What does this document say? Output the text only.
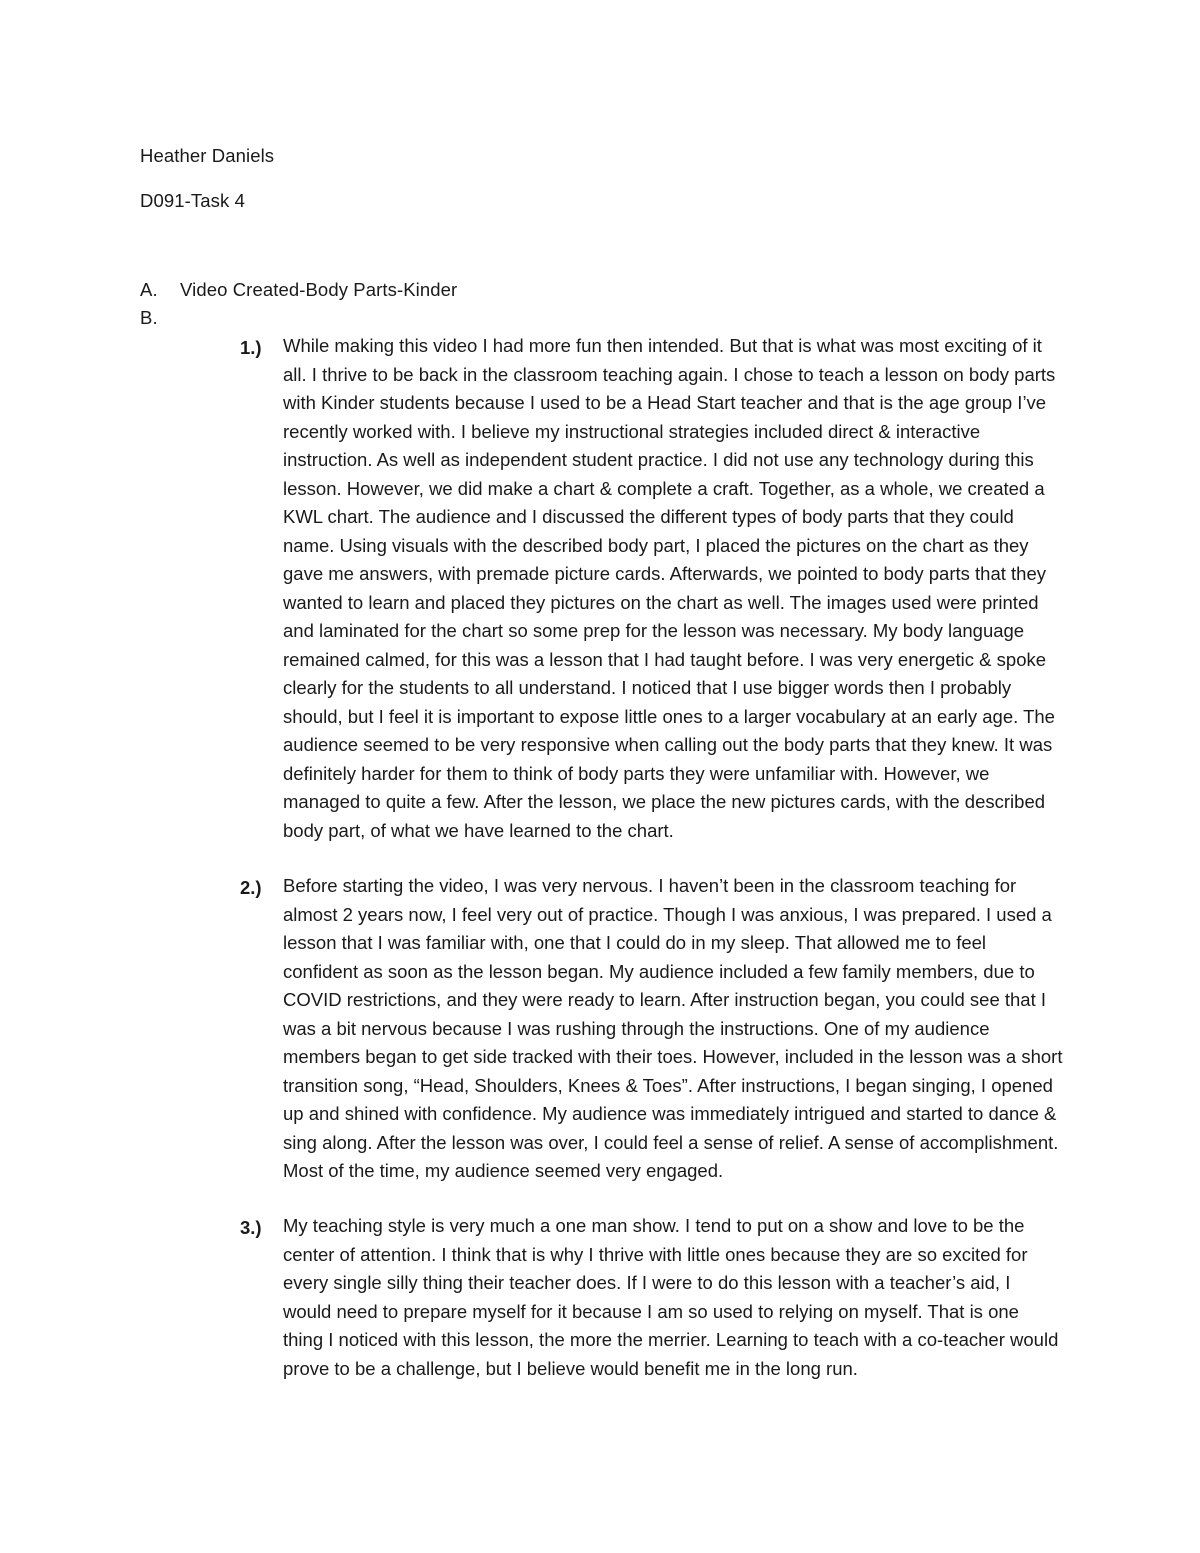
Heather Daniels
D091-Task 4
A. Video Created-Body Parts-Kinder
B.
1.) While making this video I had more fun then intended. But that is what was most exciting of it all. I thrive to be back in the classroom teaching again. I chose to teach a lesson on body parts with Kinder students because I used to be a Head Start teacher and that is the age group I’ve recently worked with. I believe my instructional strategies included direct & interactive instruction. As well as independent student practice. I did not use any technology during this lesson. However, we did make a chart & complete a craft. Together, as a whole, we created a KWL chart. The audience and I discussed the different types of body parts that they could name. Using visuals with the described body part, I placed the pictures on the chart as they gave me answers, with premade picture cards. Afterwards, we pointed to body parts that they wanted to learn and placed they pictures on the chart as well. The images used were printed and laminated for the chart so some prep for the lesson was necessary. My body language remained calmed, for this was a lesson that I had taught before. I was very energetic & spoke clearly for the students to all understand. I noticed that I use bigger words then I probably should, but I feel it is important to expose little ones to a larger vocabulary at an early age. The audience seemed to be very responsive when calling out the body parts that they knew. It was definitely harder for them to think of body parts they were unfamiliar with. However, we managed to quite a few. After the lesson, we place the new pictures cards, with the described body part, of what we have learned to the chart.

2.) Before starting the video, I was very nervous. I haven’t been in the classroom teaching for almost 2 years now, I feel very out of practice. Though I was anxious, I was prepared. I used a lesson that I was familiar with, one that I could do in my sleep. That allowed me to feel confident as soon as the lesson began. My audience included a few family members, due to COVID restrictions, and they were ready to learn. After instruction began, you could see that I was a bit nervous because I was rushing through the instructions. One of my audience members began to get side tracked with their toes. However, included in the lesson was a short transition song, “Head, Shoulders, Knees & Toes”. After instructions, I began singing, I opened up and shined with confidence. My audience was immediately intrigued and started to dance & sing along. After the lesson was over, I could feel a sense of relief. A sense of accomplishment. Most of the time, my audience seemed very engaged.

3.) My teaching style is very much a one man show. I tend to put on a show and love to be the center of attention. I think that is why I thrive with little ones because they are so excited for every single silly thing their teacher does. If I were to do this lesson with a teacher’s aid, I would need to prepare myself for it because I am so used to relying on myself. That is one thing I noticed with this lesson, the more the merrier. Learning to teach with a co-teacher would prove to be a challenge, but I believe would benefit me in the long run.
